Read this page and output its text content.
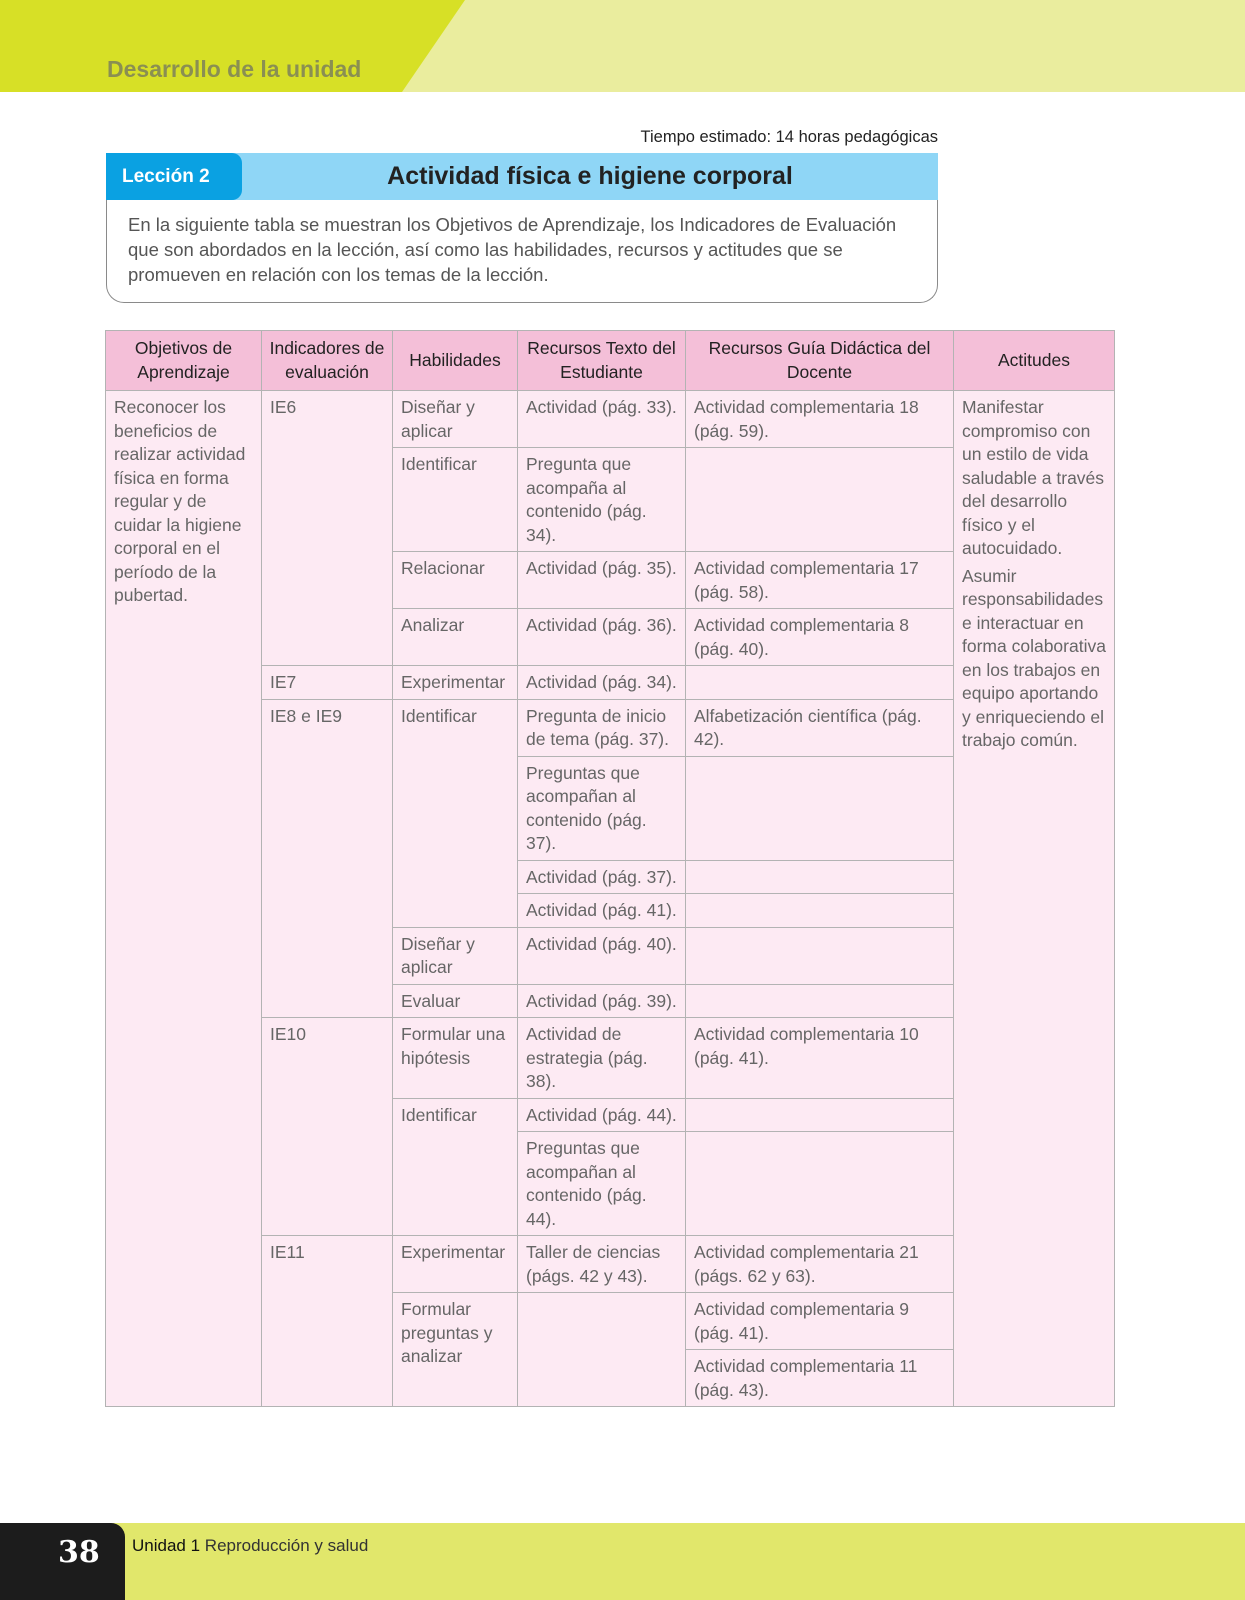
Desarrollo de la unidad
Tiempo estimado: 14 horas pedagógicas
Lección 2	Actividad física e higiene corporal
En la siguiente tabla se muestran los Objetivos de Aprendizaje, los Indicadores de Evaluación que son abordados en la lección, así como las habilidades, recursos y actitudes que se promueven en relación con los temas de la lección.
Objetivos de Aprendizaje	Indicadores de evaluación	Habilidades	Recursos Texto del Estudiante	Recursos Guía Didáctica del Docente	Actitudes
Reconocer los beneficios de realizar actividad física en forma regular y de cuidar la higiene corporal en el período de la pubertad.	IE6	Diseñar y aplicar	Actividad (pág. 33).	Actividad complementaria 18 (pág. 59).	Manifestar compromiso con un estilo de vida saludable a través del desarrollo físico y el autocuidado.
Asumir responsabilidades e interactuar en forma colaborativa en los trabajos en equipo aportando y enriqueciendo el trabajo común.

		Identificar	Pregunta que acompaña al contenido (pág. 34).		
		Relacionar	Actividad (pág. 35).	Actividad complementaria 17 (pág. 58).	
		Analizar	Actividad (pág. 36).	Actividad complementaria 8 (pág. 40).	
	IE7	Experimentar	Actividad (pág. 34).		
	IE8 e IE9	Identificar	Pregunta de inicio de tema (pág. 37).	Alfabetización científica (pág. 42).	
			Preguntas que acompañan al contenido (pág. 37).		
			Actividad (pág. 37).		
			Actividad (pág. 41).		
		Diseñar y aplicar	Actividad (pág. 40).		
		Evaluar	Actividad (pág. 39).		
	IE10	Formular una hipótesis	Actividad de estrategia (pág. 38).	Actividad complementaria 10 (pág. 41).	
		Identificar	Actividad (pág. 44).		
			Preguntas que acompañan al contenido (pág. 44).		
	IE11	Experimentar	Taller de ciencias (págs. 42 y 43).	Actividad complementaria 21 (págs. 62 y 63).	
		Formular preguntas y analizar		Actividad complementaria 9 (pág. 41).	
				Actividad complementaria 11 (pág. 43).	
38	Unidad 1 Reproducción y salud
